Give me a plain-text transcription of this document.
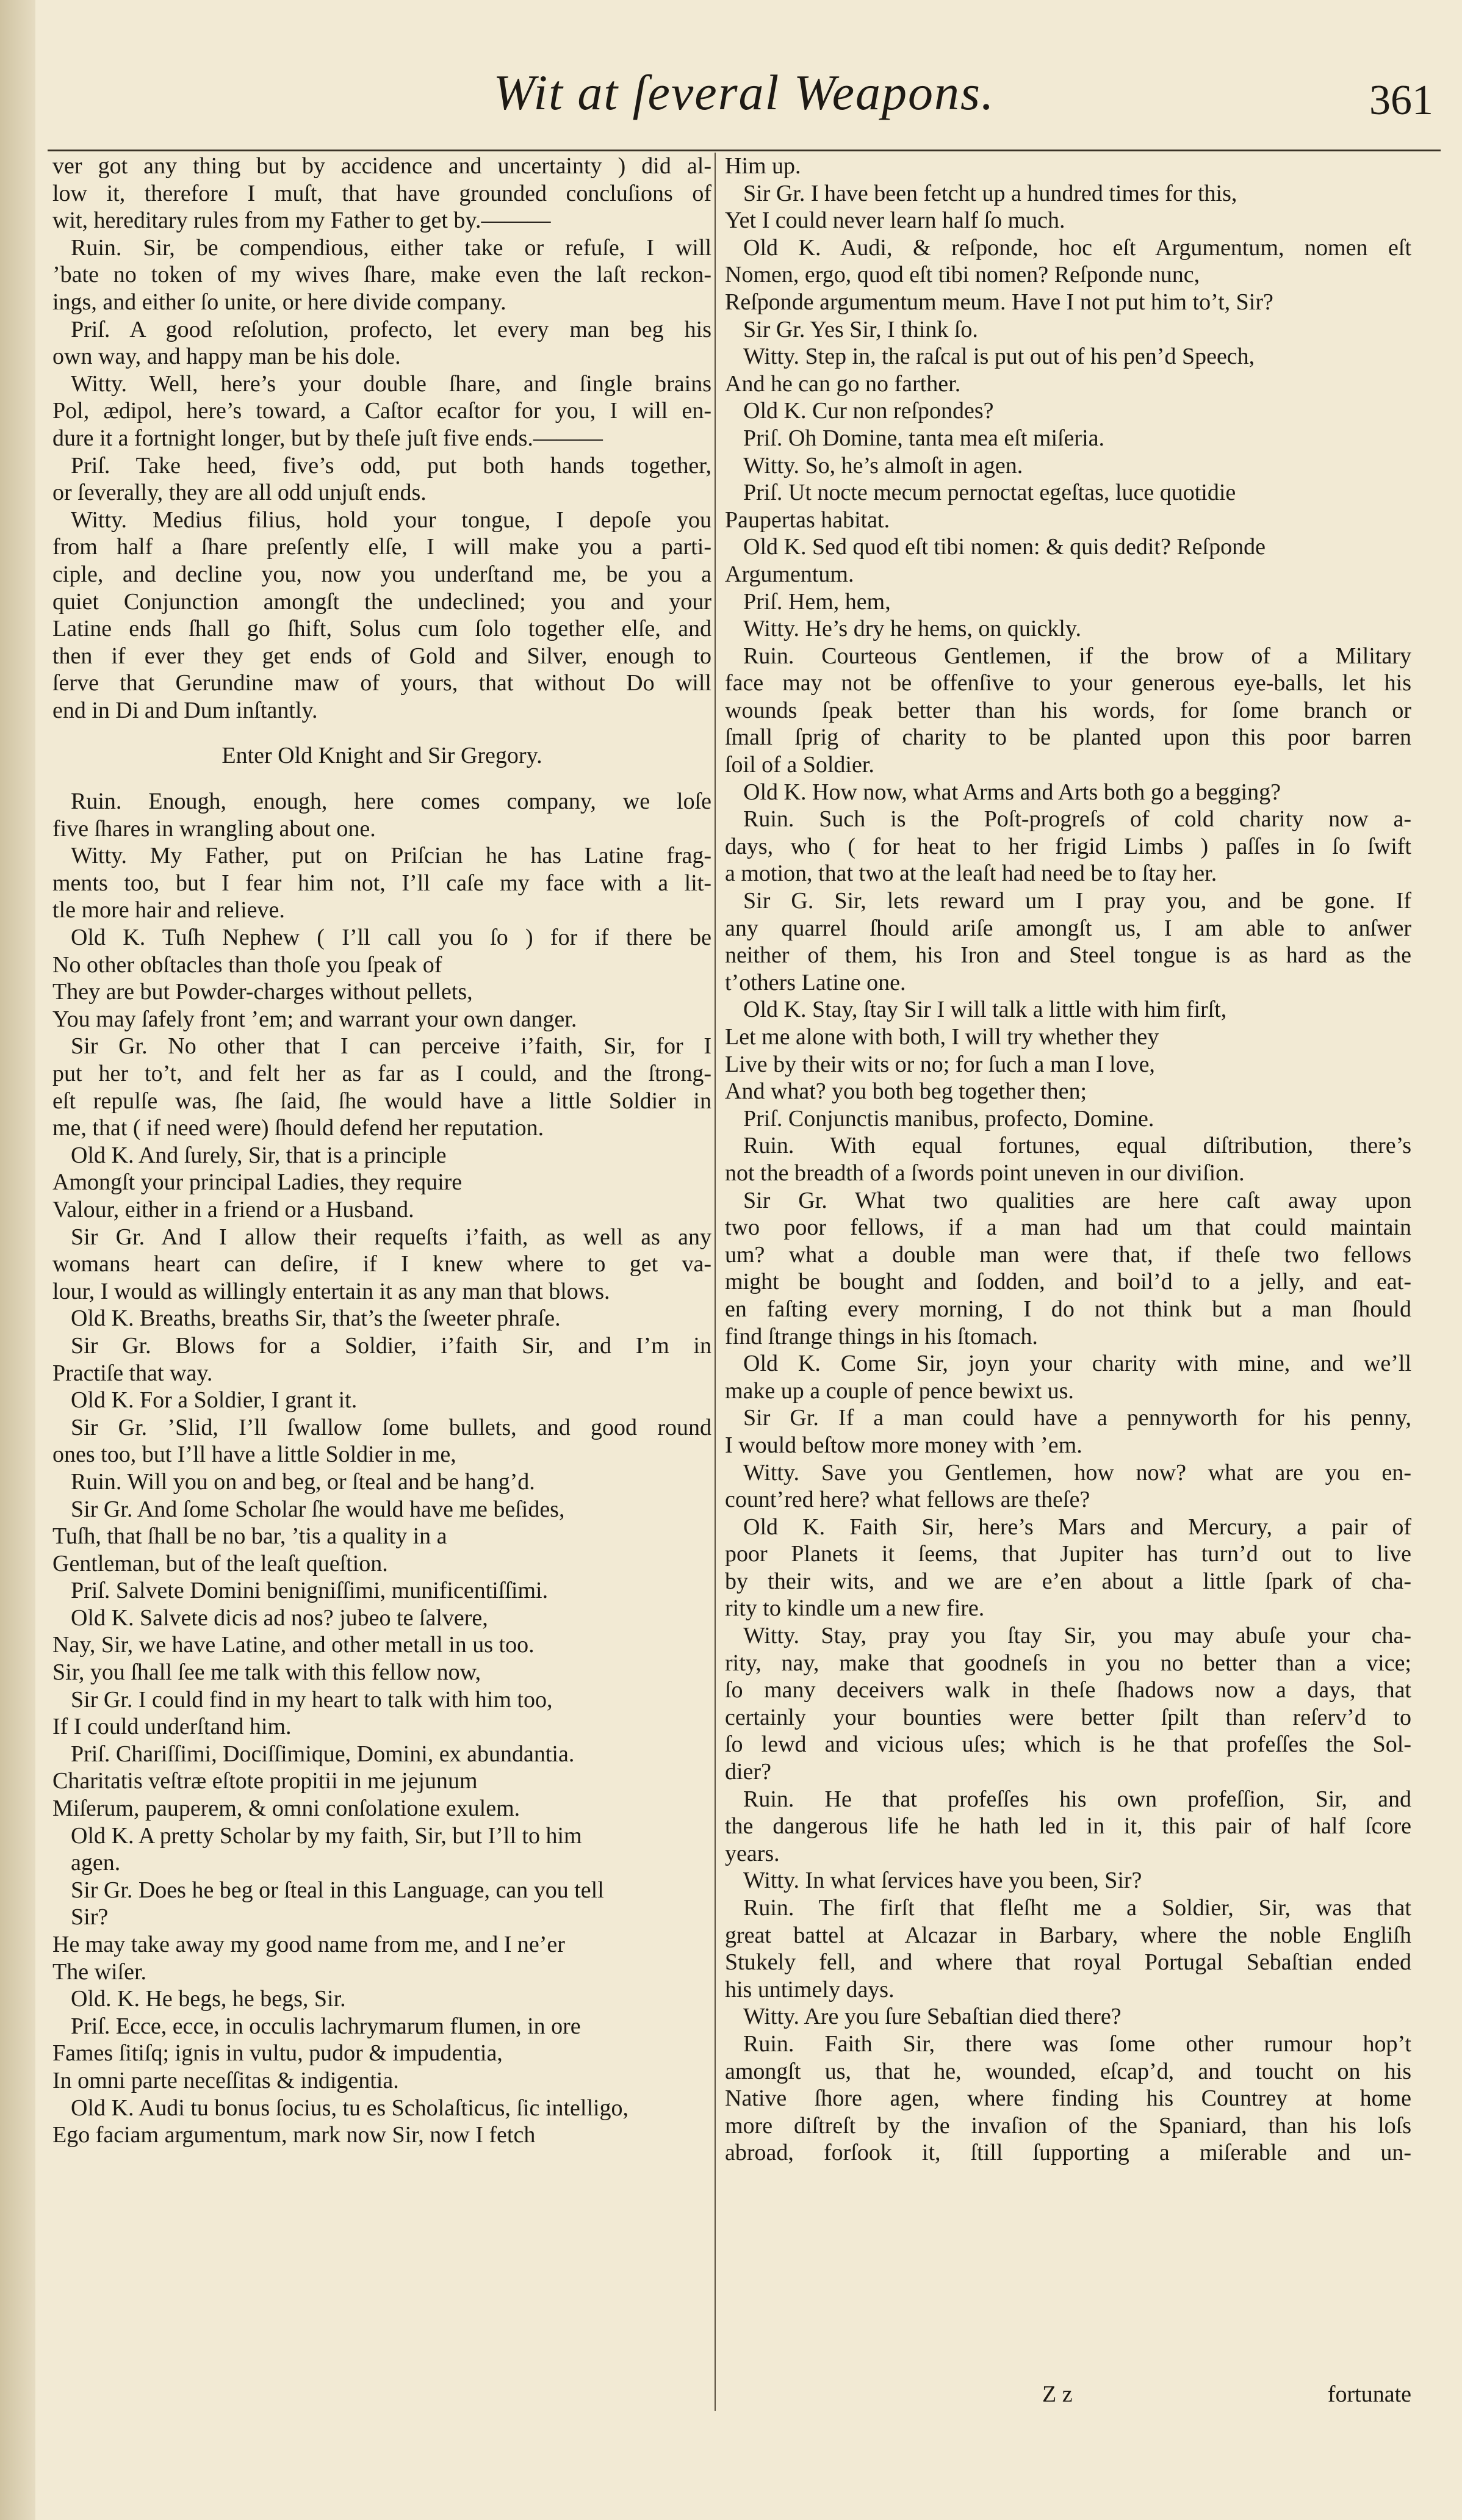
Wit at ſeveral Weapons.	361
ver got any thing but by accidence and uncertainty ) did al-
low it, therefore I muſt, that have grounded concluſions of
wit, hereditary rules from my Father to get by.———
Ruin. Sir, be compendious, either take or refuſe, I will
’bate no token of my wives ſhare, make even the laſt reckon-
ings, and either ſo unite, or here divide company.
Priſ. A good reſolution, profecto, let every man beg his
own way, and happy man be his dole.
Witty. Well, here’s your double ſhare, and ſingle brains
Pol, ædipol, here’s toward, a Caſtor ecaſtor for you, I will en-
dure it a fortnight longer, but by theſe juſt five ends.———
Priſ. Take heed, five’s odd, put both hands together,
or ſeverally, they are all odd unjuſt ends.
Witty. Medius filius, hold your tongue, I depoſe you
from half a ſhare preſently elſe, I will make you a parti-
ciple, and decline you, now you underſtand me, be you a
quiet Conjunction amongſt the undeclined; you and your
Latine ends ſhall go ſhift, Solus cum ſolo together elſe, and
then if ever they get ends of Gold and Silver, enough to
ſerve that Gerundine maw of yours, that without Do will
end in Di and Dum inſtantly.
Enter Old Knight and Sir Gregory.
Ruin. Enough, enough, here comes company, we loſe
five ſhares in wrangling about one.
Witty. My Father, put on Priſcian he has Latine frag-
ments too, but I fear him not, I’ll caſe my face with a lit-
tle more hair and relieve.
Old K. Tuſh Nephew ( I’ll call you ſo ) for if there be
No other obſtacles than thoſe you ſpeak of
They are but Powder-charges without pellets,
You may ſafely front ’em; and warrant your own danger.
Sir Gr. No other that I can perceive i’faith, Sir, for I
put her to’t, and felt her as far as I could, and the ſtrong-
eſt repulſe was, ſhe ſaid, ſhe would have a little Soldier in
me, that ( if need were) ſhould defend her reputation.
Old K. And ſurely, Sir, that is a principle
Amongſt your principal Ladies, they require
Valour, either in a friend or a Husband.
Sir Gr. And I allow their requeſts i’faith, as well as any
womans heart can deſire, if I knew where to get va-
lour, I would as willingly entertain it as any man that blows.
Old K. Breaths, breaths Sir, that’s the ſweeter phraſe.
Sir Gr. Blows for a Soldier, i’faith Sir, and I’m in
Practiſe that way.
Old K. For a Soldier, I grant it.
Sir Gr. ’Slid, I’ll ſwallow ſome bullets, and good round
ones too, but I’ll have a little Soldier in me,
Ruin. Will you on and beg, or ſteal and be hang’d.
Sir Gr. And ſome Scholar ſhe would have me beſides,
Tuſh, that ſhall be no bar, ’tis a quality in a
Gentleman, but of the leaſt queſtion.
Priſ. Salvete Domini benigniſſimi, munificentiſſimi.
Old K. Salvete dicis ad nos? jubeo te ſalvere,
Nay, Sir, we have Latine, and other metall in us too.
Sir, you ſhall ſee me talk with this fellow now,
Sir Gr. I could find in my heart to talk with him too,
If I could underſtand him.
Priſ. Chariſſimi, Dociſſimique, Domini, ex abundantia.
Charitatis veſtræ eſtote propitii in me jejunum
Miſerum, pauperem, & omni conſolatione exulem.
Old K. A pretty Scholar by my faith, Sir, but I’ll to him
agen.
Sir Gr. Does he beg or ſteal in this Language, can you tell
Sir?
He may take away my good name from me, and I ne’er
The wiſer.
Old. K. He begs, he begs, Sir.
Priſ. Ecce, ecce, in occulis lachrymarum flumen, in ore
Fames ſitiſq; ignis in vultu, pudor & impudentia,
In omni parte neceſſitas & indigentia.
Old K. Audi tu bonus ſocius, tu es Scholaſticus, ſic intelligo,
Ego faciam argumentum, mark now Sir, now I fetch
Him up.
Sir Gr. I have been fetcht up a hundred times for this,
Yet I could never learn half ſo much.
Old K. Audi, & reſponde, hoc eſt Argumentum, nomen eſt
Nomen, ergo, quod eſt tibi nomen? Reſponde nunc,
Reſponde argumentum meum. Have I not put him to’t, Sir?
Sir Gr. Yes Sir, I think ſo.
Witty. Step in, the raſcal is put out of his pen’d Speech,
And he can go no farther.
Old K. Cur non reſpondes?
Priſ. Oh Domine, tanta mea eſt miſeria.
Witty. So, he’s almoſt in agen.
Priſ. Ut nocte mecum pernoctat egeſtas, luce quotidie
Paupertas habitat.
Old K. Sed quod eſt tibi nomen: & quis dedit? Reſponde
Argumentum.
Priſ. Hem, hem,
Witty. He’s dry he hems, on quickly.
Ruin. Courteous Gentlemen, if the brow of a Military
face may not be offenſive to your generous eye-balls, let his
wounds ſpeak better than his words, for ſome branch or
ſmall ſprig of charity to be planted upon this poor barren
ſoil of a Soldier.
Old K. How now, what Arms and Arts both go a begging?
Ruin. Such is the Poſt-progreſs of cold charity now a-
days, who ( for heat to her frigid Limbs ) paſſes in ſo ſwift
a motion, that two at the leaſt had need be to ſtay her.
Sir G. Sir, lets reward um I pray you, and be gone. If
any quarrel ſhould ariſe amongſt us, I am able to anſwer
neither of them, his Iron and Steel tongue is as hard as the
t’others Latine one.
Old K. Stay, ſtay Sir I will talk a little with him firſt,
Let me alone with both, I will try whether they
Live by their wits or no; for ſuch a man I love,
And what? you both beg together then;
Priſ. Conjunctis manibus, profecto, Domine.
Ruin. With equal fortunes, equal diſtribution, there’s
not the breadth of a ſwords point uneven in our diviſion.
Sir Gr. What two qualities are here caſt away upon
two poor fellows, if a man had um that could maintain
um? what a double man were that, if theſe two fellows
might be bought and ſodden, and boil’d to a jelly, and eat-
en faſting every morning, I do not think but a man ſhould
find ſtrange things in his ſtomach.
Old K. Come Sir, joyn your charity with mine, and we’ll
make up a couple of pence bewixt us.
Sir Gr. If a man could have a pennyworth for his penny,
I would beſtow more money with ’em.
Witty. Save you Gentlemen, how now? what are you en-
count’red here? what fellows are theſe?
Old K. Faith Sir, here’s Mars and Mercury, a pair of
poor Planets it ſeems, that Jupiter has turn’d out to live
by their wits, and we are e’en about a little ſpark of cha-
rity to kindle um a new fire.
Witty. Stay, pray you ſtay Sir, you may abuſe your cha-
rity, nay, make that goodneſs in you no better than a vice;
ſo many deceivers walk in theſe ſhadows now a days, that
certainly your bounties were better ſpilt than reſerv’d to
ſo lewd and vicious uſes; which is he that profeſſes the Sol-
dier?
Ruin. He that profeſſes his own profeſſion, Sir, and
the dangerous life he hath led in it, this pair of half ſcore
years.
Witty. In what ſervices have you been, Sir?
Ruin. The firſt that fleſht me a Soldier, Sir, was that
great battel at Alcazar in Barbary, where the noble Engliſh
Stukely fell, and where that royal Portugal Sebaſtian ended
his untimely days.
Witty. Are you ſure Sebaſtian died there?
Ruin. Faith Sir, there was ſome other rumour hop’t
amongſt us, that he, wounded, eſcap’d, and toucht on his
Native ſhore agen, where finding his Countrey at home
more diſtreſt by the invaſion of the Spaniard, than his loſs
abroad, forſook it, ſtill ſupporting a miſerable and un-
Z z	fortunate
